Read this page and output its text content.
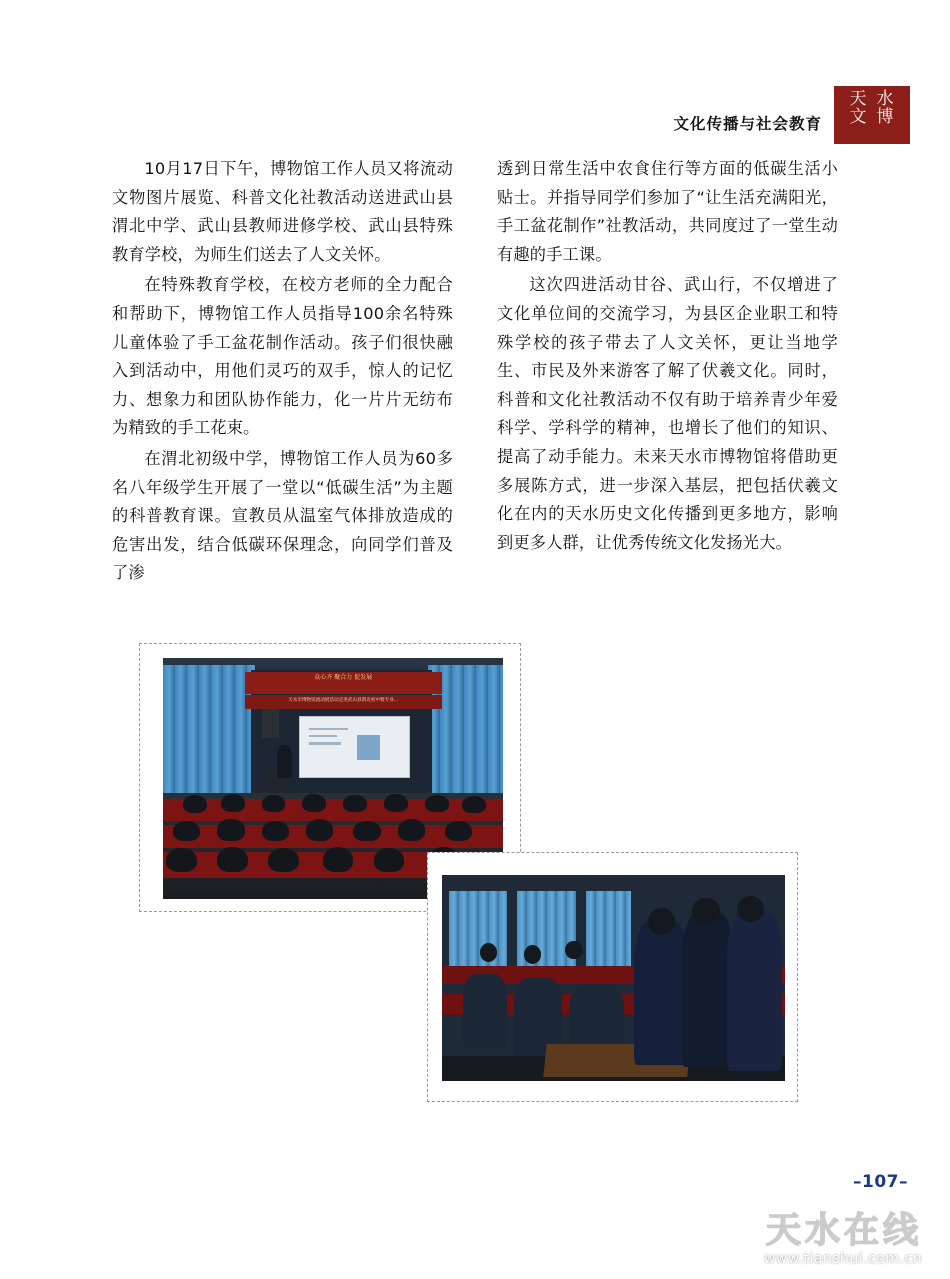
文化传播与社会教育
天水
文博

10月17日下午，博物馆工作人员又将流动文物图片展览、科普文化社教活动送进武山县渭北中学、武山县教师进修学校、武山县特殊教育学校，为师生们送去了人文关怀。

在特殊教育学校，在校方老师的全力配合和帮助下，博物馆工作人员指导100余名特殊儿童体验了手工盆花制作活动。孩子们很快融入到活动中，用他们灵巧的双手，惊人的记忆力、想象力和团队协作能力，化一片片无纺布为精致的手工花束。

在渭北初级中学，博物馆工作人员为60多名八年级学生开展了一堂以“低碳生活”为主题的科普教育课。宣教员从温室气体排放造成的危害出发，结合低碳环保理念，向同学们普及了渗

透到日常生活中农食住行等方面的低碳生活小贴士。并指导同学们参加了“让生活充满阳光，手工盆花制作”社教活动，共同度过了一堂生动有趣的手工课。

这次四进活动甘谷、武山行，不仅增进了文化单位间的交流学习，为县区企业职工和特殊学校的孩子带去了人文关怀，更让当地学生、市民及外来游客了解了伏羲文化。同时，科普和文化社教活动不仅有助于培养青少年爱科学、学科学的精神，也增长了他们的知识、提高了动手能力。未来天水市博物馆将借助更多展陈方式，进一步深入基层，把包括伏羲文化在内的天水历史文化传播到更多地方，影响到更多人群，让优秀传统文化发扬光大。

众心齐 聚合力 促发展
天水市博物馆流动展活动走进武山县渭北初中暨专业...
–107–
天水在线
www.tianshui.com.cn
